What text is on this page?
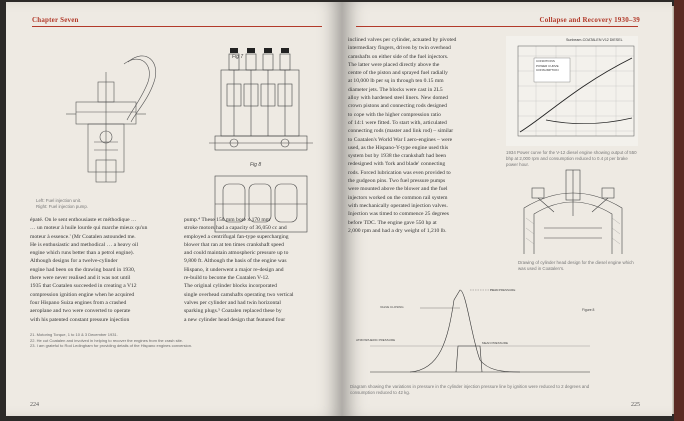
Chapter Seven
Left: Fuel injection unit.
Right: Fuel injection pump.
Fig 7
Fig 8
épaté. On le sent enthousiaste et méthodique …
… un moteur à huile lourde qui marche mieux qu'un
moteur à essence.' (Mr Coatalen astounded me.
He is enthusiastic and methodical … a heavy oil
engine which runs better than a petrol engine).
Although designs for a twelve-cylinder
engine had been on the drawing board in 1930,
there were never realised and it was not until
1935 that Coatalen succeeded in creating a V12
compression ignition engine when he acquired
four Hispano Suiza engines from a crashed
aeroplane and two were converted to operate
with his patented constant pressure injection
pump.⁴ These 150 mm bore x 170 mm
stroke motors had a capacity of 36,050 cc and
employed a centrifugal fan-type supercharging
blower that ran at ten times crankshaft speed
and could maintain atmospheric pressure up to
9,800 ft. Although the basis of the engine was
Hispano, it underwent a major re-design and
re-build to become the Coatalen V-12.
The original cylinder blocks incorporated
single overhead camshafts operating two vertical
valves per cylinder and had twin horizontal
sparking plugs.⁵ Coatalen replaced these by
a new cylinder head design that featured four
21. Motoring Torque, 1 to 10 & 3 December 1931.
22. He cut Coatalen and involved in helping to recover the engines from the crash site.
23. I am grateful to Rod Ledingham for providing details of the Hispano engines conversion.
224
Collapse and Recovery 1930–39
inclined valves per cylinder, actuated by pivoted
intermediary fingers, driven by twin overhead
camshafts on either side of the fuel injectors.
The latter were placed directly above the
centre of the piston and sprayed fuel radially
at 10,000 lb per sq in through ten 0.15 mm
diameter jets. The blocks were cast in 2L5
alloy with hardened steel liners. New domed
crown pistons and connecting rods designed
to cope with the higher compression ratio
of 14:1 were fitted. To start with, articulated
connecting rods (master and link rod) – similar
to Coatalen's World War I aero-engines – were
used, as the Hispano-Y-type engine used this
system but by 1938 the crankshaft had been
redesigned with 'fork and blade' connecting
rods. Forced lubrication was even provided to
the gudgeon pins. Two fuel pressure pumps
were mounted above the blower and the fuel
injectors worked on the common rail system
with mechanically operated injection valves.
Injection was timed to commence 25 degrees
before TDC. The engine gave 550 hp at
2,000 rpm and had a dry weight of 1,210 lb.
Sunbeam-COATALEN V12 DIESEL
CONDITIONS
POWER CURVE
CONSUMPTION
1934 Power curve for the V-12 diesel engine showing output of 550 bhp at 2,000 rpm and consumption reduced to 0.4 pt per brake power hour.
Drawing of cylinder head design for the diesel engine which was used in Coatalen's.
VALVE CLOSING
PEAK PRESSURE
MEAN PRESSURE
ATMOSPHERIC PRESSURE
Figure 8
Diagram showing the variations in pressure in the cylinder injection pressure line by ignition were reduced to 2 degrees and consumption reduced to 42 kg.
225
